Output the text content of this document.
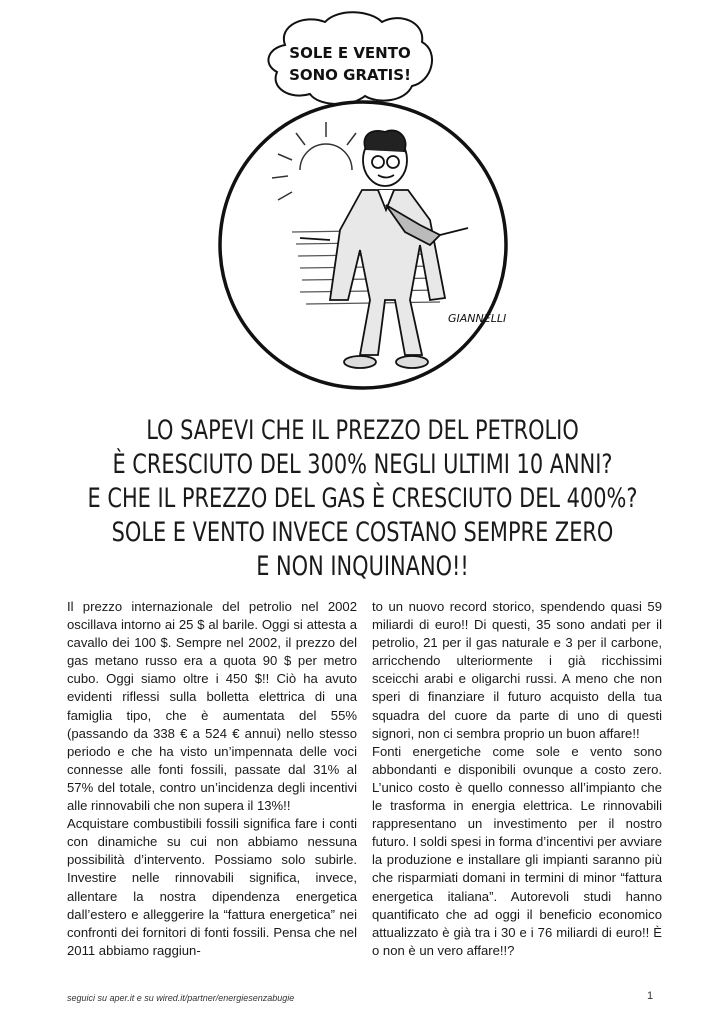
SOLE E VENTO
SONO GRATIS!
GIANNELLI
LO SAPEVI CHE IL PREZZO DEL PETROLIO
È CRESCIUTO DEL 300% NEGLI ULTIMI 10 ANNI?
E CHE IL PREZZO DEL GAS È CRESCIUTO DEL 400%?
SOLE E VENTO INVECE COSTANO SEMPRE ZERO
E NON INQUINANO!!

Il prezzo internazionale del petrolio nel 2002 oscillava intorno ai 25 $ al barile. Oggi si attesta a cavallo dei 100 $. Sempre nel 2002, il prezzo del gas metano russo era a quota 90 $ per metro cubo. Oggi siamo oltre i 450 $!! Ciò ha avuto evidenti riflessi sulla bolletta elettrica di una famiglia tipo, che è aumentata del 55% (passando da 338 € a 524 € annui) nello stesso periodo e che ha visto un’impennata delle voci connesse alle fonti fossili, passate dal 31% al 57% del totale, contro un’incidenza degli incentivi alle rinnovabili che non supera il 13%!!

Acquistare combustibili fossili significa fare i conti con dinamiche su cui non abbiamo nessuna possibilità d’intervento. Possiamo solo subirle. Investire nelle rinnovabili significa, invece, allentare la nostra dipendenza energetica dall’estero e alleggerire la “fattura energetica” nei confronti dei fornitori di fonti fossili. Pensa che nel 2011 abbiamo raggiun-

to un nuovo record storico, spendendo quasi 59 miliardi di euro!! Di questi, 35 sono andati per il petrolio, 21 per il gas naturale e 3 per il carbone, arricchendo ulteriormente i già ricchissimi sceicchi arabi e oligarchi russi. A meno che non speri di finanziare il futuro acquisto della tua squadra del cuore da parte di uno di questi signori, non ci sembra proprio un buon affare!!

Fonti energetiche come sole e vento sono abbondanti e disponibili ovunque a costo zero. L’unico costo è quello connesso all’impianto che le trasforma in energia elettrica. Le rinnovabili rappresentano un investimento per il nostro futuro. I soldi spesi in forma d’incentivi per avviare la produzione e installare gli impianti saranno più che risparmiati domani in termini di minor “fattura energetica italiana”. Autorevoli studi hanno quantificato che ad oggi il beneficio economico attualizzato è già tra i 30 e i 76 miliardi di euro!! È o non è un vero affare!!?

seguici su aper.it e su wired.it/partner/energiesenzabugie	1
